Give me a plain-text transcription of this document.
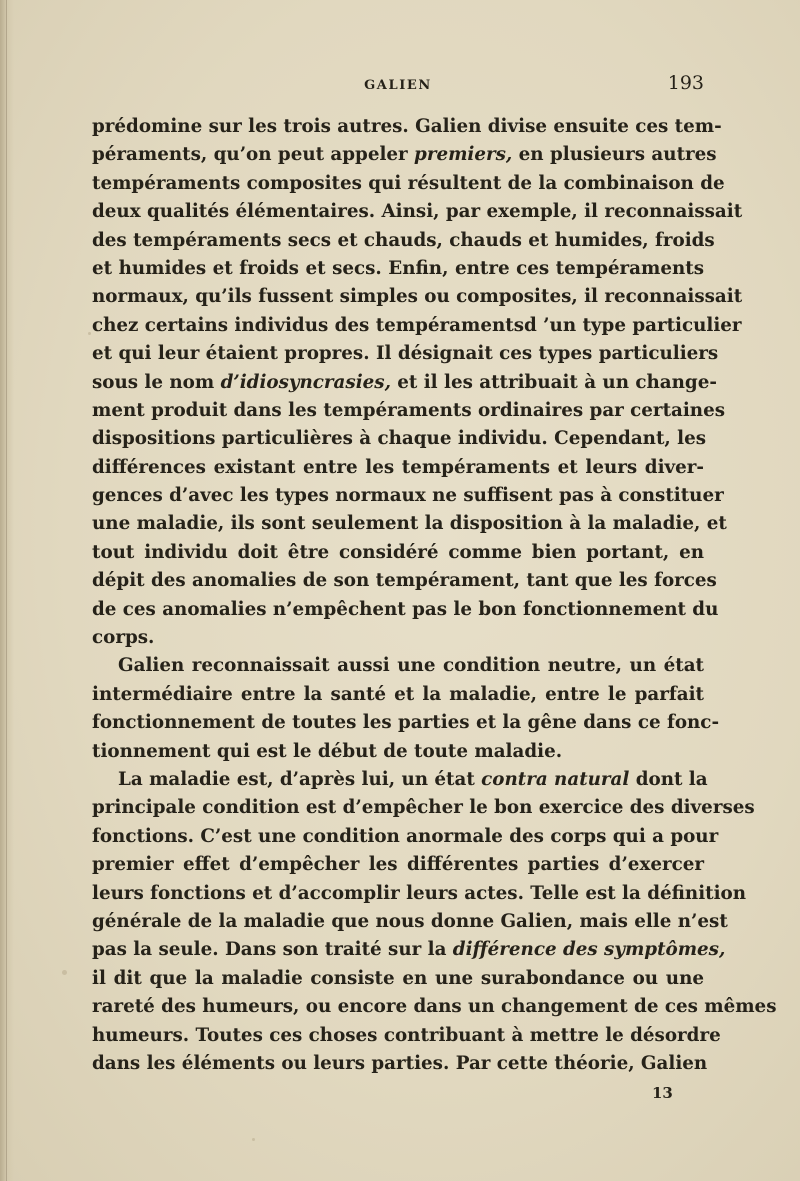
GALIEN	193
prédomine sur les trois autres. Galien divise ensuite ces tem-
péraments, qu’on peut appeler premiers, en plusieurs autres
tempéraments composites qui résultent de la combinaison de
deux qualités élémentaires. Ainsi, par exemple, il reconnaissait
des tempéraments secs et chauds, chauds et humides, froids
et humides et froids et secs. Enfin, entre ces tempéraments
normaux, qu’ils fussent simples ou composites, il reconnaissait
chez certains individus des tempéramentsd ’un type particulier
et qui leur étaient propres. Il désignait ces types particuliers
sous le nom d’idiosyncrasies, et il les attribuait à un change-
ment produit dans les tempéraments ordinaires par certaines
dispositions particulières à chaque individu. Cependant, les
différences existant entre les tempéraments et leurs diver-
gences d’avec les types normaux ne suffisent pas à constituer
une maladie, ils sont seulement la disposition à la maladie, et
tout individu doit être considéré comme bien portant, en
dépit des anomalies de son tempérament, tant que les forces
de ces anomalies n’empêchent pas le bon fonctionnement du
corps.
Galien reconnaissait aussi une condition neutre, un état
intermédiaire entre la santé et la maladie, entre le parfait
fonctionnement de toutes les parties et la gêne dans ce fonc-
tionnement qui est le début de toute maladie.
La maladie est, d’après lui, un état contra natural dont la
principale condition est d’empêcher le bon exercice des diverses
fonctions. C’est une condition anormale des corps qui a pour
premier effet d’empêcher les différentes parties d’exercer
leurs fonctions et d’accomplir leurs actes. Telle est la définition
générale de la maladie que nous donne Galien, mais elle n’est
pas la seule. Dans son traité sur la différence des symptômes,
il dit que la maladie consiste en une surabondance ou une
rareté des humeurs, ou encore dans un changement de ces mêmes
humeurs. Toutes ces choses contribuant à mettre le désordre
dans les éléments ou leurs parties. Par cette théorie, Galien
13
